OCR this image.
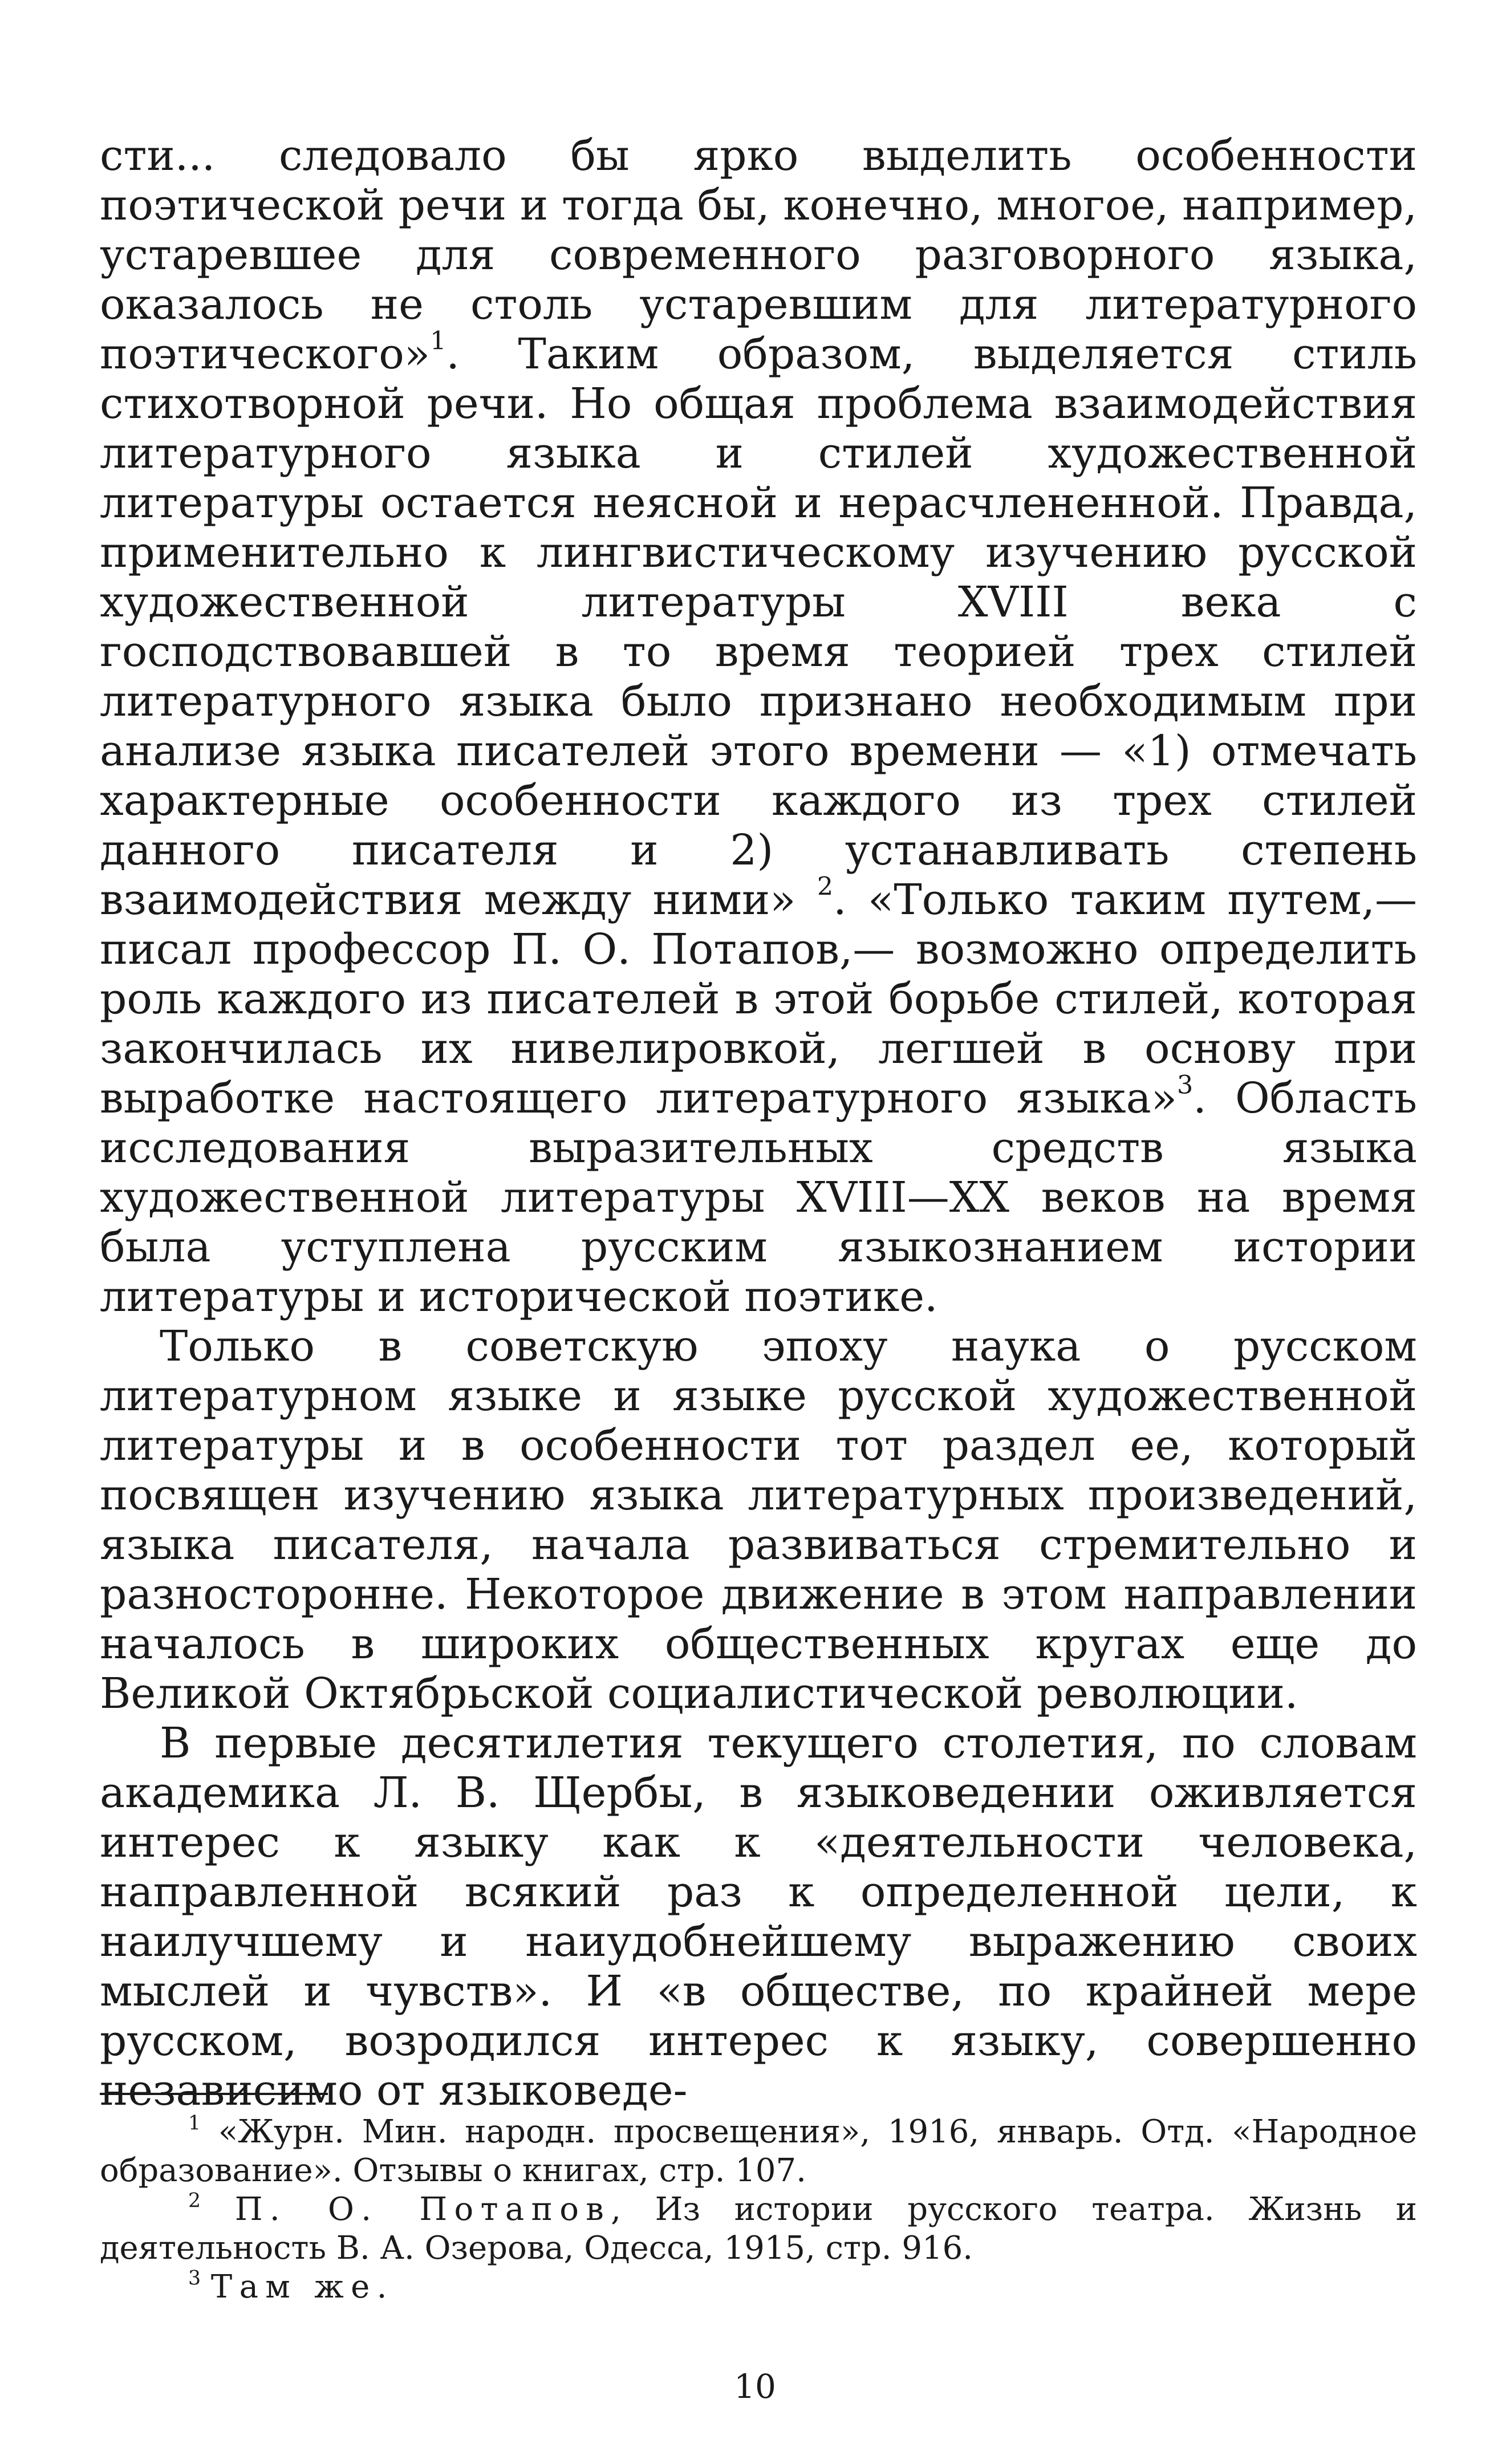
сти... следовало бы ярко выделить особенности поэтической речи и тогда бы, конечно, многое, например, устаревшее для современного разговорного языка, оказалось не столь устаревшим для литературного поэтического»$^1$. Таким образом, выделяется стиль стихотворной речи. Но общая проблема взаимодействия литературного языка и стилей художественной литературы остается неясной и нерасчлененной. Правда, применительно к лингвистическому изучению русской художественной литературы XVIII века с господствовавшей в то время теорией трех стилей литературного языка было признано необходимым при анализе языка писателей этого времени — «1) отмечать характерные особенности каждого из трех стилей данного писателя и 2) устанавливать степень взаимодействия между ними» $^2$. «Только таким путем,— писал профессор П. О. Потапов,— возможно определить роль каждого из писателей в этой борьбе стилей, которая закончилась их нивелировкой, легшей в основу при выработке настоящего литературного языка»$^3$. Область исследования выразительных средств языка художественной литературы XVIII—XX веков на время была уступлена русским языкознанием истории литературы и исторической поэтике.

Только в советскую эпоху наука о русском литературном языке и языке русской художественной литературы и в особенности тот раздел ее, который посвящен изучению языка литературных произведений, языка писателя, начала развиваться стремительно и разносторонне. Некоторое движение в этом направлении началось в широких общественных кругах еще до Великой Октябрьской социалистической революции.

В первые десятилетия текущего столетия, по словам академика Л. В. Щербы, в языковедении оживляется интерес к языку как к «деятельности человека, направленной всякий раз к определенной цели, к наилучшему и наиудобнейшему выражению своих мыслей и чувств». И «в обществе, по крайней мере русском, возродился интерес к языку, совершенно независимо от языковеде-

$^1$ «Журн. Мин. народн. просвещения», 1916, январь. Отд. «Народное образование». Отзывы о книгах, стр. 107.

$^2$ П. О. Потапов, Из истории русского театра. Жизнь и деятельность В. А. Озерова, Одесса, 1915, стр. 916.

$^3$ Там же.

10
